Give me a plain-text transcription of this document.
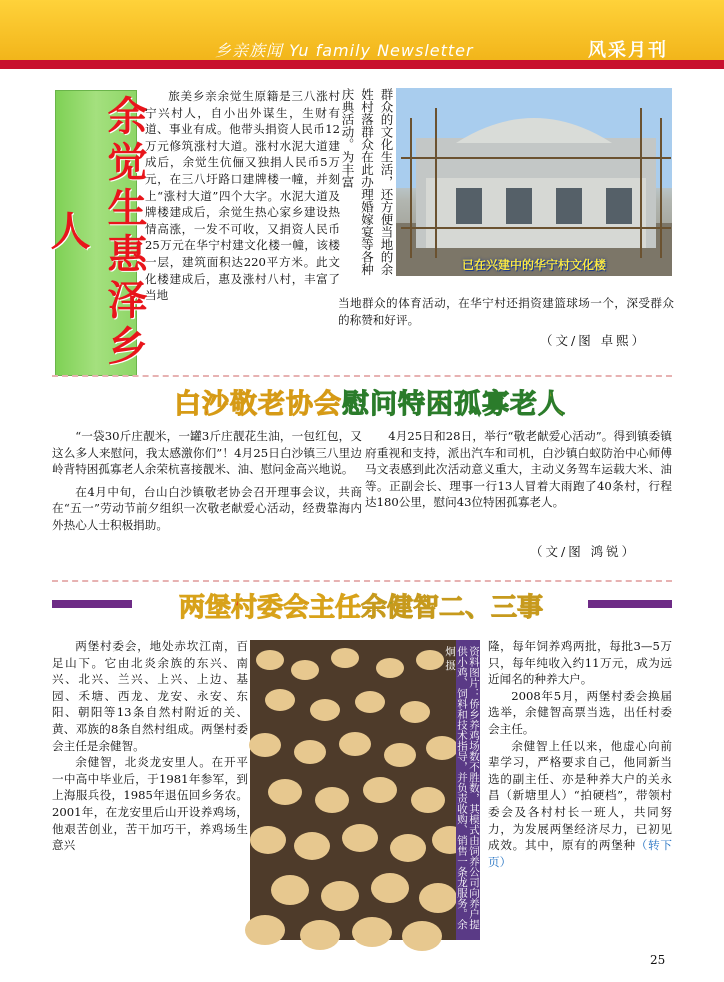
乡亲族闻 Yu family Newsletter	风采月刊
余觉生惠泽乡人

旅美乡亲余觉生原籍是三八涨村宁兴村人，自小出外谋生，生财有道、事业有成。他带头捐资人民币12万元修筑涨村大道。涨村水泥大道建成后，余觉生伉俪又独捐人民币5万元，在三八圩路口建牌楼一幢，并刻上“涨村大道”四个大字。水泥大道及牌楼建成后，余觉生热心家乡建设热情高涨，一发不可收，又捐资人民币25万元在华宁村建文化楼一幢，该楼一层，建筑面积达220平方米。此文化楼建成后，惠及涨村八村，丰富了当地

群众的文化生活，还方便当地的余姓村落群众在此办理婚嫁宴等各种庆典活动。为丰富
已在兴建中的华宁村文化楼

当地群众的体育活动，在华宁村还捐资建篮球场一个，深受群众的称赞和好评。

（文/图 卓熙）
白沙敬老协会慰问特困孤寡老人

“一袋30斤庄靓米，一罐3斤庄靓花生油，一包红包，又这么多人来慰问，我太感激你们”！4月25日白沙镇三八里边岭背特困孤寡老人余荣杭喜接靓米、油、慰问金高兴地说。

在4月中旬，台山白沙镇敬老协会召开理事会议，共商在“五一”劳动节前夕组织一次敬老献爱心活动，经费靠海内外热心人士积极捐助。

4月25日和28日，举行“敬老献爱心活动”。得到镇委镇府重视和支持，派出汽车和司机，白沙镇白蚁防治中心师傅马文表感到此次活动意义重大，主动义务驾车运载大米、油等。正副会长、理事一行13人冒着大雨跑了40条村，行程达180公里，慰问43位特困孤寡老人。

（文/图 鸿锐）
两堡村委会主任余健智二、三事

两堡村委会，地处赤坎江南，百足山下。它由北炎余族的东兴、南兴、北兴、兰兴、上兴、上边、基园、禾塘、西龙、龙安、永安、东阳、朝阳等13条自然村附近的关、黄、邓族的8条自然村组成。两堡村委会主任是余健智。

余健智，北炎龙安里人。在开平一中高中毕业后，于1981年参军，到上海服兵役，1985年退伍回乡务农。2001年，在龙安里后山开设养鸡场，他艰苦创业，苦干加巧干，养鸡场生意兴	资料图片：侨乡养鸡场数不胜数，其模式由饲养公司向养户提供小鸡、饲料和技术指导，并负责收购、销售一条龙服务。余炯 摄	隆，每年饲养鸡两批，每批3—5万只，每年纯收入约11万元，成为远近闻名的种养大户。

2008年5月，两堡村委会换届选举，余健智高票当选，出任村委会主任。

余健智上任以来，他虚心向前辈学习，严格要求自己，他同新当选的副主任、亦是种养大户的关永昌（新塘里人）“拍硬档”，带领村委会及各村村长一班人，共同努力，为发展两堡经济尽力，已初见成效。其中，原有的两堡种（转下页）

25
